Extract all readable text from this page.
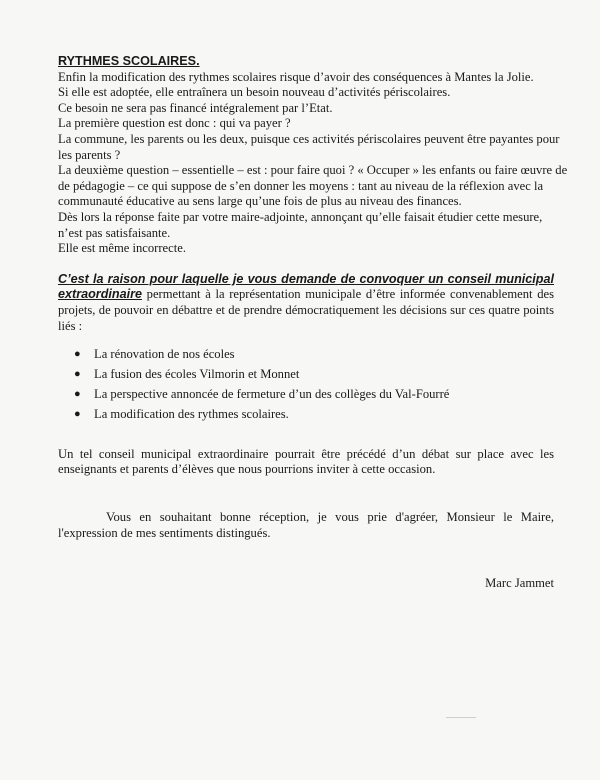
RYTHMES SCOLAIRES.

Enfin la modification des rythmes scolaires risque d’avoir des conséquences à Mantes la Jolie.

Si elle est adoptée, elle entraînera un besoin nouveau d’activités périscolaires.

Ce besoin ne sera pas financé intégralement par l’Etat.

La première question est donc : qui va payer ?

La commune, les parents ou les deux, puisque ces activités périscolaires peuvent être payantes pour

les parents ?

La deuxième question – essentielle – est : pour faire quoi ? « Occuper » les enfants ou faire œuvre de

de pédagogie – ce qui suppose de s’en donner les moyens : tant au niveau de la réflexion avec la

communauté éducative au sens large qu’une fois de plus au niveau des finances.

Dès lors la réponse faite par votre maire-adjointe, annonçant qu’elle faisait étudier cette mesure,

n’est pas satisfaisante.

Elle est même incorrecte.

C’est la raison pour laquelle je vous demande de convoquer un conseil municipal extraordinaire permettant à la représentation municipale d’être informée convenablement des projets, de pouvoir en débattre et de prendre démocratiquement les décisions sur ces quatre points liés :

● La rénovation de nos écoles
● La fusion des écoles Vilmorin et Monnet
● La perspective annoncée de fermeture d’un des collèges du Val-Fourré
● La modification des rythmes scolaires.

Un tel conseil municipal extraordinaire pourrait être précédé d’un débat sur place avec les enseignants et parents d’élèves que nous pourrions inviter à cette occasion.

Vous en souhaitant bonne réception, je vous prie d'agréer, Monsieur le Maire, l'expression de mes sentiments distingués.

Marc Jammet
